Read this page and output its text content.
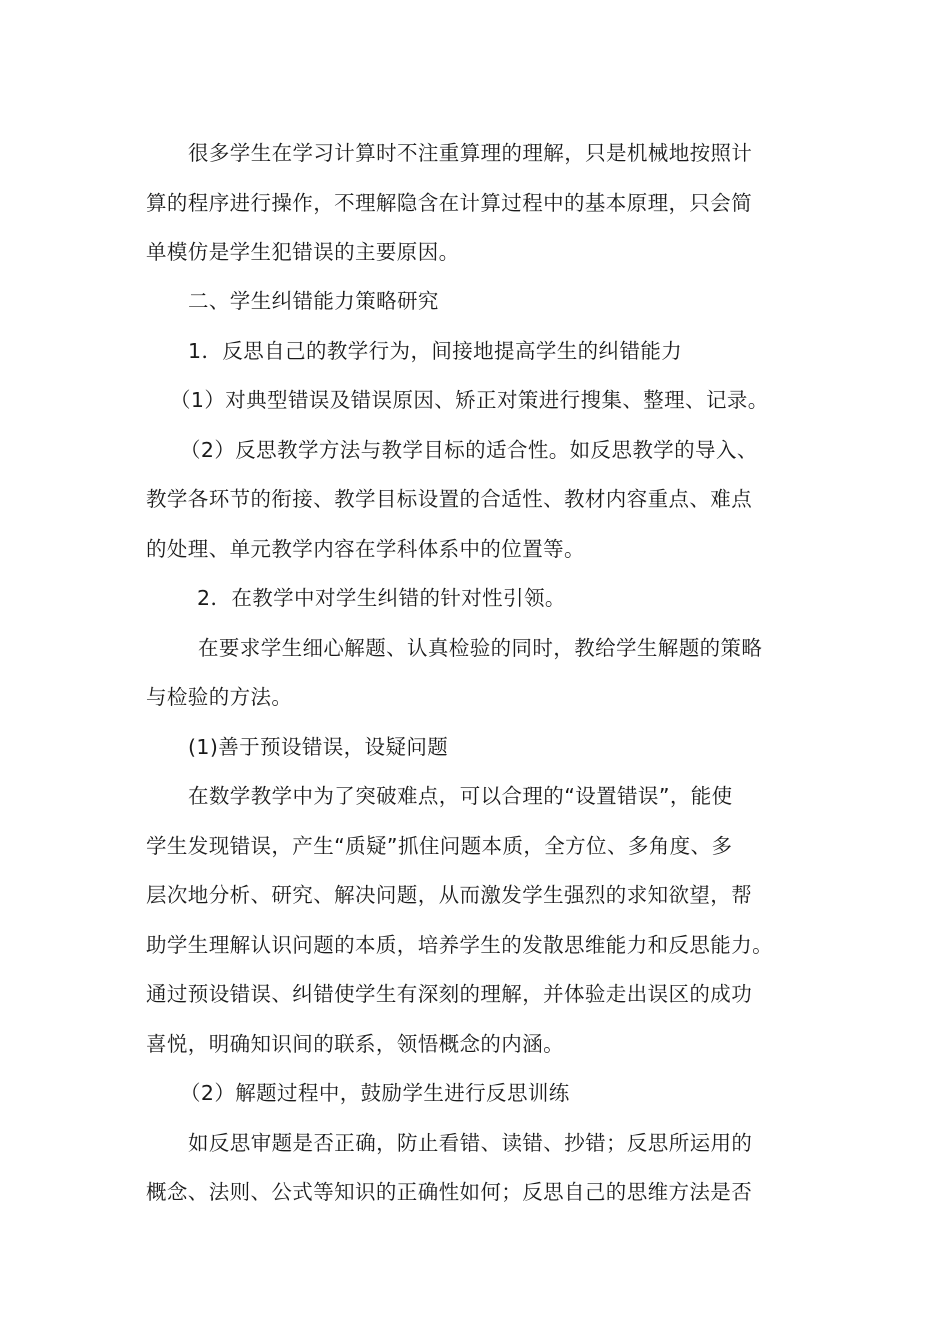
很多学生在学习计算时不注重算理的理解，只是机械地按照计
算的程序进行操作，不理解隐含在计算过程中的基本原理，只会简
单模仿是学生犯错误的主要原因。
二、学生纠错能力策略研究
1．反思自己的教学行为，间接地提高学生的纠错能力
（1）对典型错误及错误原因、矫正对策进行搜集、整理、记录。
（2）反思教学方法与教学目标的适合性。如反思教学的导入、
教学各环节的衔接、教学目标设置的合适性、教材内容重点、难点
的处理、单元教学内容在学科体系中的位置等。
2．在教学中对学生纠错的针对性引领。
在要求学生细心解题、认真检验的同时，教给学生解题的策略
与检验的方法。
(1)善于预设错误，设疑问题
在数学教学中为了突破难点，可以合理的“设置错误”，能使
学生发现错误，产生“质疑”抓住问题本质，全方位、多角度、多
层次地分析、研究、解决问题，从而激发学生强烈的求知欲望，帮
助学生理解认识问题的本质，培养学生的发散思维能力和反思能力。
通过预设错误、纠错使学生有深刻的理解，并体验走出误区的成功
喜悦，明确知识间的联系，领悟概念的内涵。
（2）解题过程中，鼓励学生进行反思训练
如反思审题是否正确，防止看错、读错、抄错；反思所运用的
概念、法则、公式等知识的正确性如何；反思自己的思维方法是否
